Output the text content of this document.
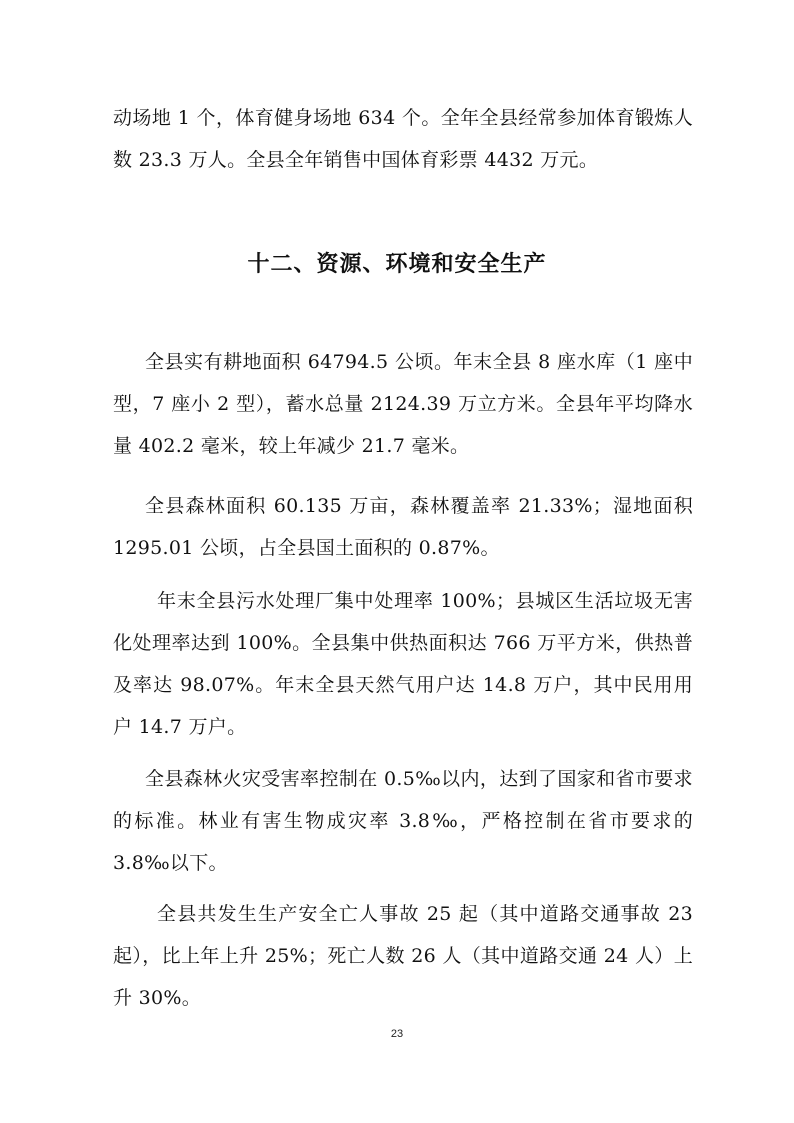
动场地 1 个，体育健身场地 634 个。全年全县经常参加体育锻炼人数 23.3 万人。全县全年销售中国体育彩票 4432 万元。

十二、资源、环境和安全生产

全县实有耕地面积 64794.5 公顷。年末全县 8 座水库（1 座中型，7 座小 2 型），蓄水总量 2124.39 万立方米。全县年平均降水量 402.2 毫米，较上年减少 21.7 毫米。

全县森林面积 60.135 万亩，森林覆盖率 21.33%；湿地面积 1295.01 公顷，占全县国土面积的 0.87%。

年末全县污水处理厂集中处理率 100%；县城区生活垃圾无害化处理率达到 100%。全县集中供热面积达 766 万平方米，供热普及率达 98.07%。年末全县天然气用户达 14.8 万户，其中民用用户 14.7 万户。

全县森林火灾受害率控制在 0.5‰以内，达到了国家和省市要求的标准。林业有害生物成灾率 3.8‰，严格控制在省市要求的 3.8‰以下。

全县共发生生产安全亡人事故 25 起（其中道路交通事故 23 起），比上年上升 25%；死亡人数 26 人（其中道路交通 24 人）上升 30%。

23
